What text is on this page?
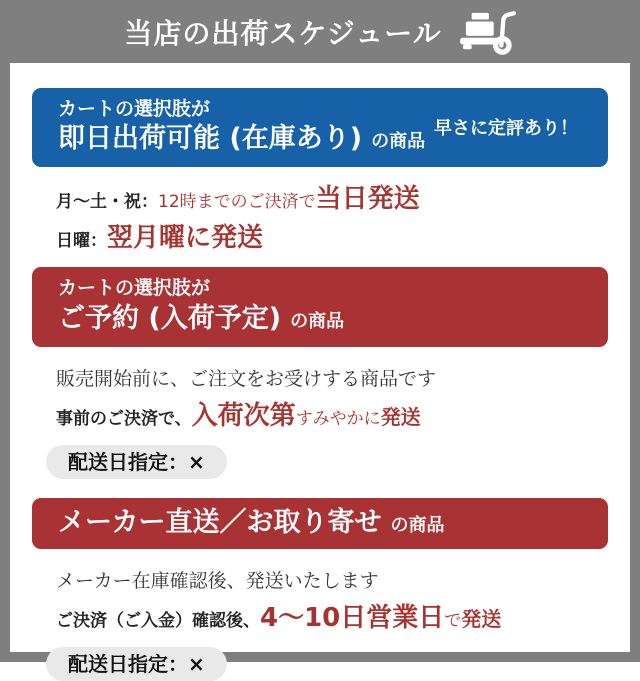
当店の出荷スケジュール
カートの選択肢が
即日出荷可能 (在庫あり) の商品
早さに定評あり！
月～土・祝：12時までのご決済で当日発送
日曜：翌月曜に発送
カートの選択肢が
ご予約 (入荷予定) の商品
販売開始前に、ご注文をお受けする商品です
事前のご決済で、入荷次第すみやかに発送
配送日指定：×
メーカー直送／お取り寄せ の商品
メーカー在庫確認後、発送いたします
ご決済（ご入金）確認後、4～10日営業日で発送
配送日指定：×
